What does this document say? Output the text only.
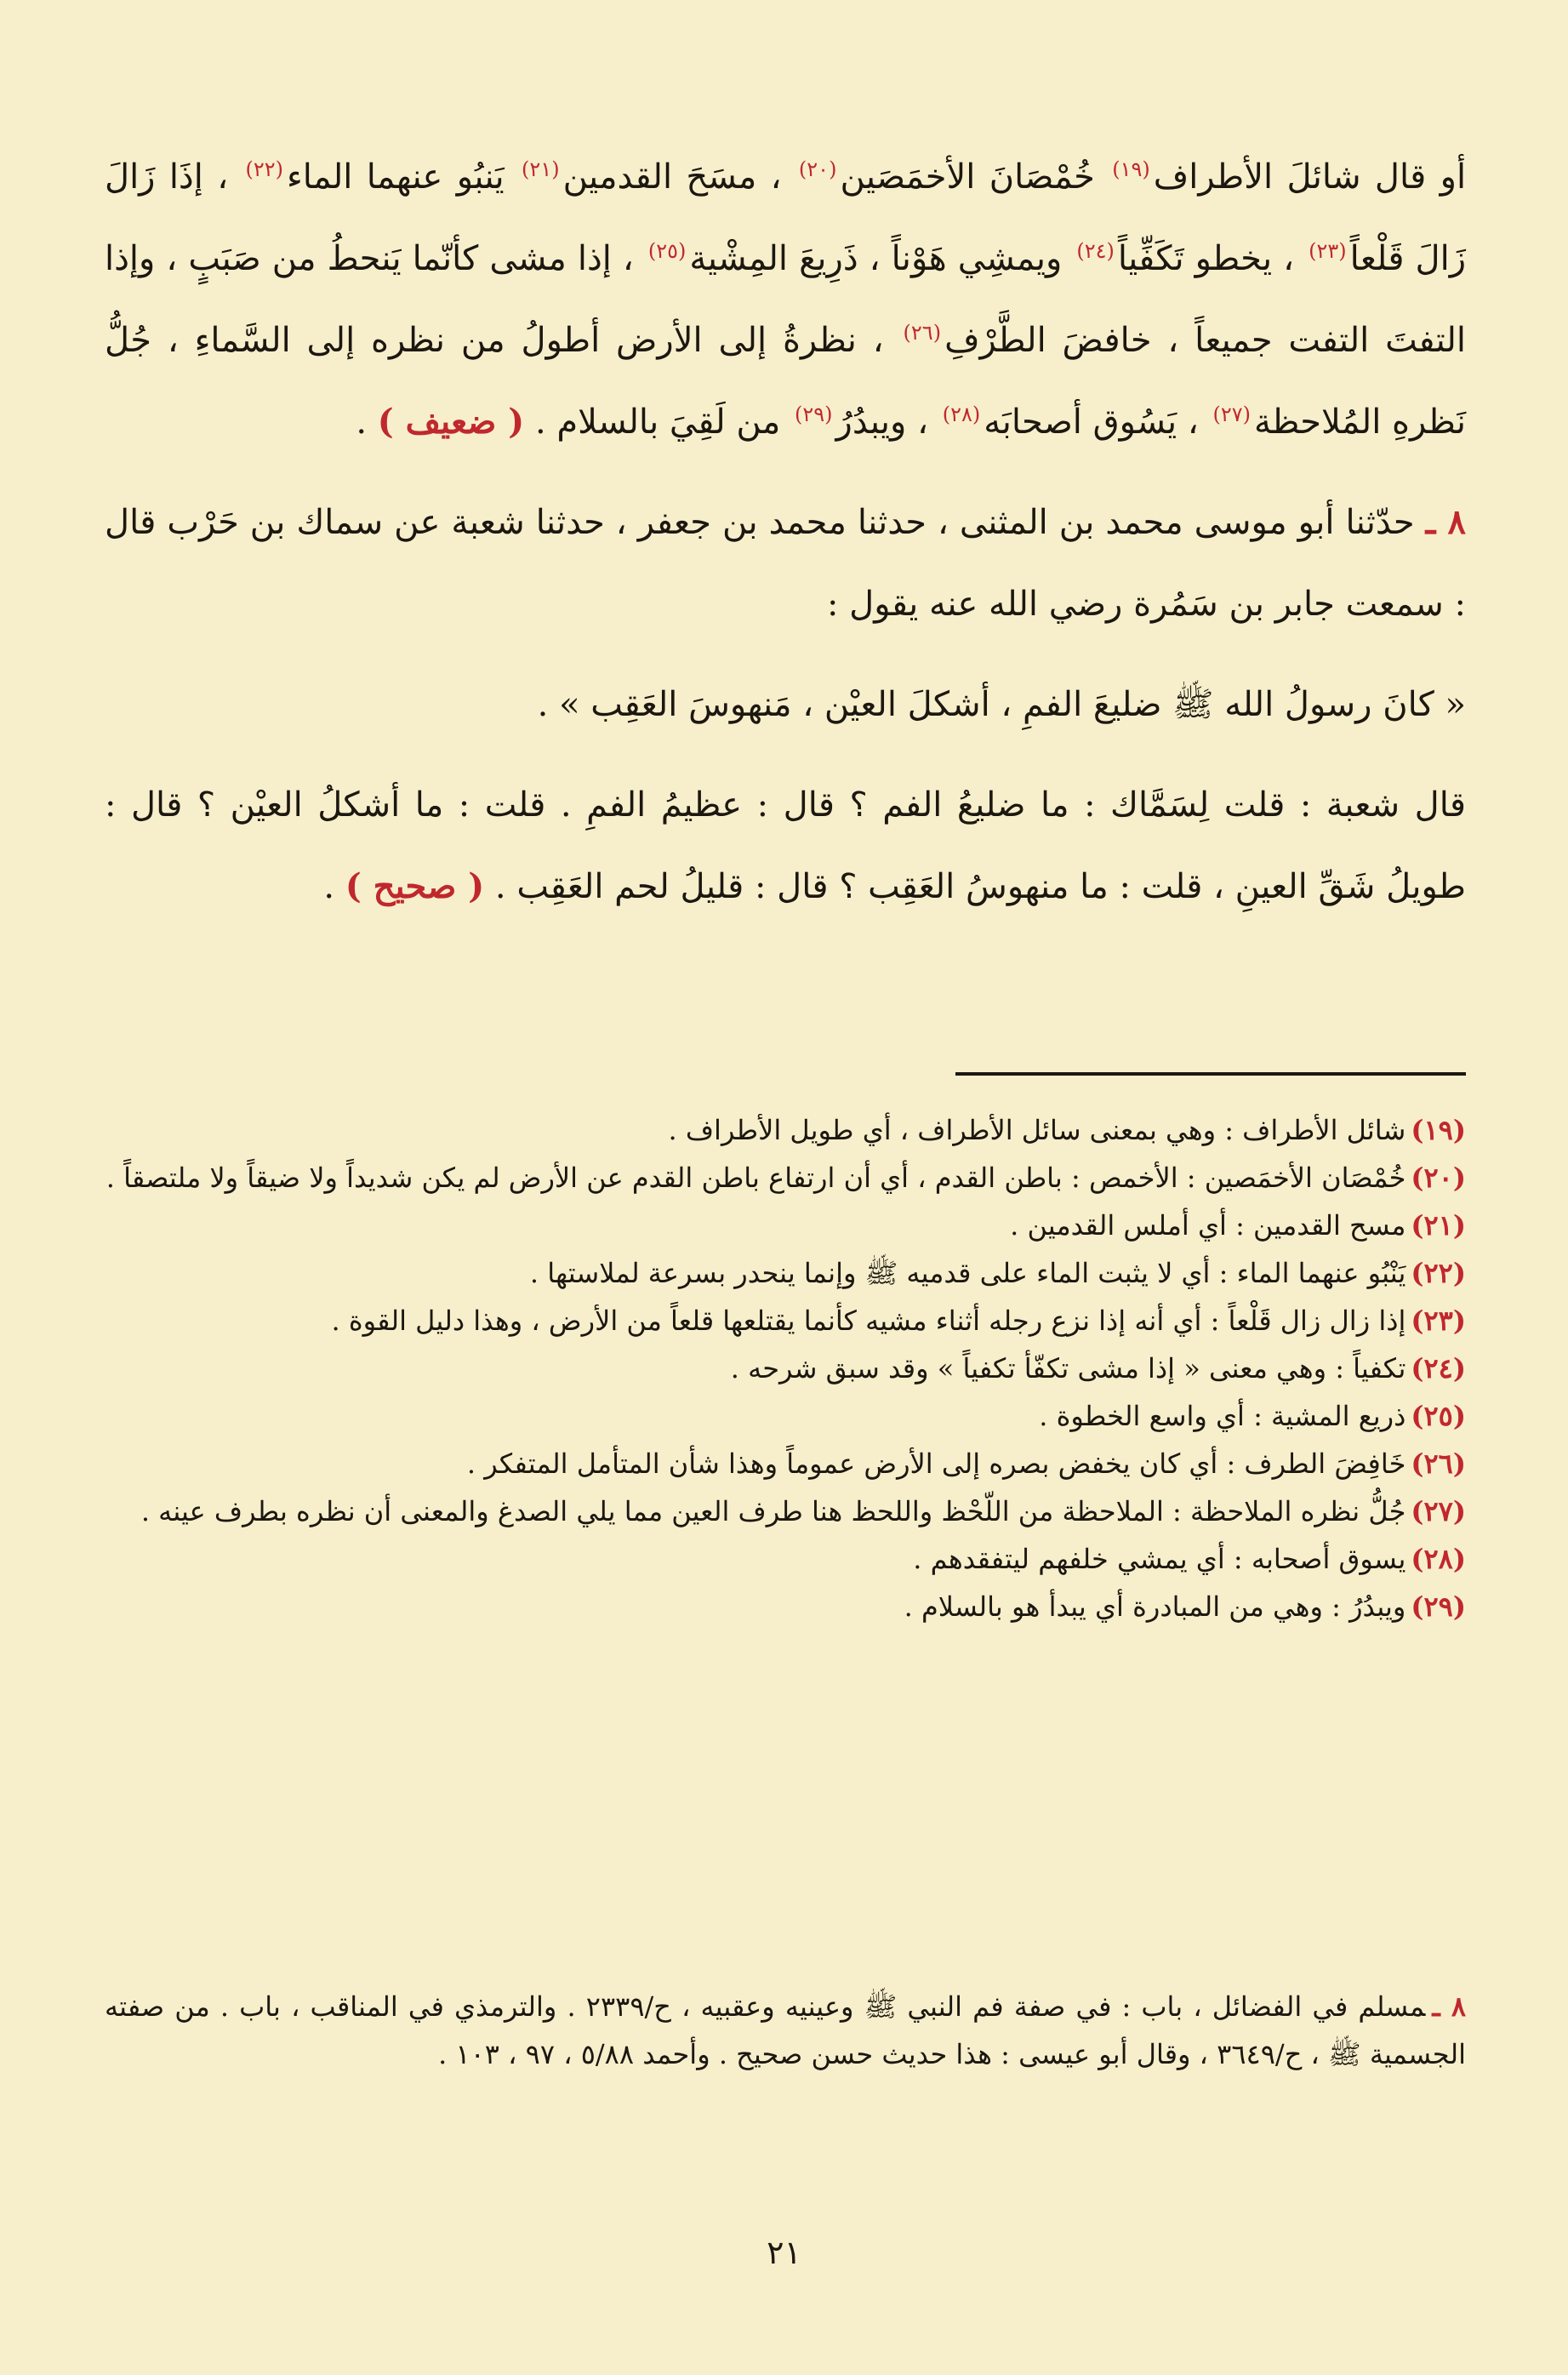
أو قال شائلَ الأطراف$^{(١٩)}$ خُمْصَانَ الأخمَصَين$^{(٢٠)}$ ، مسَحَ القدمين$^{(٢١)}$ يَنبُو عنهما الماء$^{(٢٢)}$ ، إذَا زَالَ زَالَ قَلْعاً$^{(٢٣)}$ ، يخطو تَكَفِّياً$^{(٢٤)}$ ويمشِي هَوْناً ، ذَرِيعَ المِشْية$^{(٢٥)}$ ، إذا مشى كأنّما يَنحطُ من صَبَبٍ ، وإذا التفتَ التفت جميعاً ، خافضَ الطَّرْفِ$^{(٢٦)}$ ، نظرةُ إلى الأرض أطولُ من نظره إلى السَّماءِ ، جُلُّ نَظرهِ المُلاحظة$^{(٢٧)}$ ، يَسُوق أصحابَه$^{(٢٨)}$ ، ويبدُرُ$^{(٢٩)}$ من لَقِيَ بالسلام . ( ضعيف ) .

٨ ـ حدّثنا أبو موسى محمد بن المثنى ، حدثنا محمد بن جعفر ، حدثنا شعبة عن سماك بن حَرْب قال : سمعت جابر بن سَمُرة رضي الله عنه يقول :

« كانَ رسولُ الله ﷺ ضليعَ الفمِ ، أشكلَ العيْن ، مَنهوسَ العَقِب » .

قال شعبة : قلت لِسَمَّاك : ما ضليعُ الفم ؟ قال : عظيمُ الفمِ . قلت : ما أشكلُ العيْن ؟ قال : طويلُ شَقِّ العينِ ، قلت : ما منهوسُ العَقِب ؟ قال : قليلُ لحم العَقِب . ( صحيح ) .

(١٩)شائل الأطراف : وهي بمعنى سائل الأطراف ، أي طويل الأطراف .

(٢٠)خُمْصَان الأخمَصين : الأخمص : باطن القدم ، أي أن ارتفاع باطن القدم عن الأرض لم يكن شديداً ولا ضيقاً ولا ملتصقاً .

(٢١)مسح القدمين : أي أملس القدمين .

(٢٢)يَنْبُو عنهما الماء : أي لا يثبت الماء على قدميه ﷺ وإنما ينحدر بسرعة لملاستها .

(٢٣)إذا زال زال قَلْعاً : أي أنه إذا نزع رجله أثناء مشيه كأنما يقتلعها قلعاً من الأرض ، وهذا دليل القوة .

(٢٤)تكفياً : وهي معنى « إذا مشى تكفّأ تكفياً » وقد سبق شرحه .

(٢٥)ذريع المشية : أي واسع الخطوة .

(٢٦)خَافِضَ الطرف : أي كان يخفض بصره إلى الأرض عموماً وهذا شأن المتأمل المتفكر .

(٢٧)جُلُّ نظره الملاحظة : الملاحظة من اللّحْظ واللحظ هنا طرف العين مما يلي الصدغ والمعنى أن نظره بطرف عينه .

(٢٨)يسوق أصحابه : أي يمشي خلفهم ليتفقدهم .

(٢٩)ويبدُرُ : وهي من المبادرة أي يبدأ هو بالسلام .

٨ ـمسلم في الفضائل ، باب : في صفة فم النبي ﷺ وعينيه وعقبيه ، ح/٢٣٣٩ . والترمذي في المناقب ، باب . من صفته الجسمية ﷺ ، ح/٣٦٤٩ ، وقال أبو عيسى : هذا حديث حسن صحيح . وأحمد ٥/٨٨ ، ٩٧ ، ١٠٣ .
٢١
